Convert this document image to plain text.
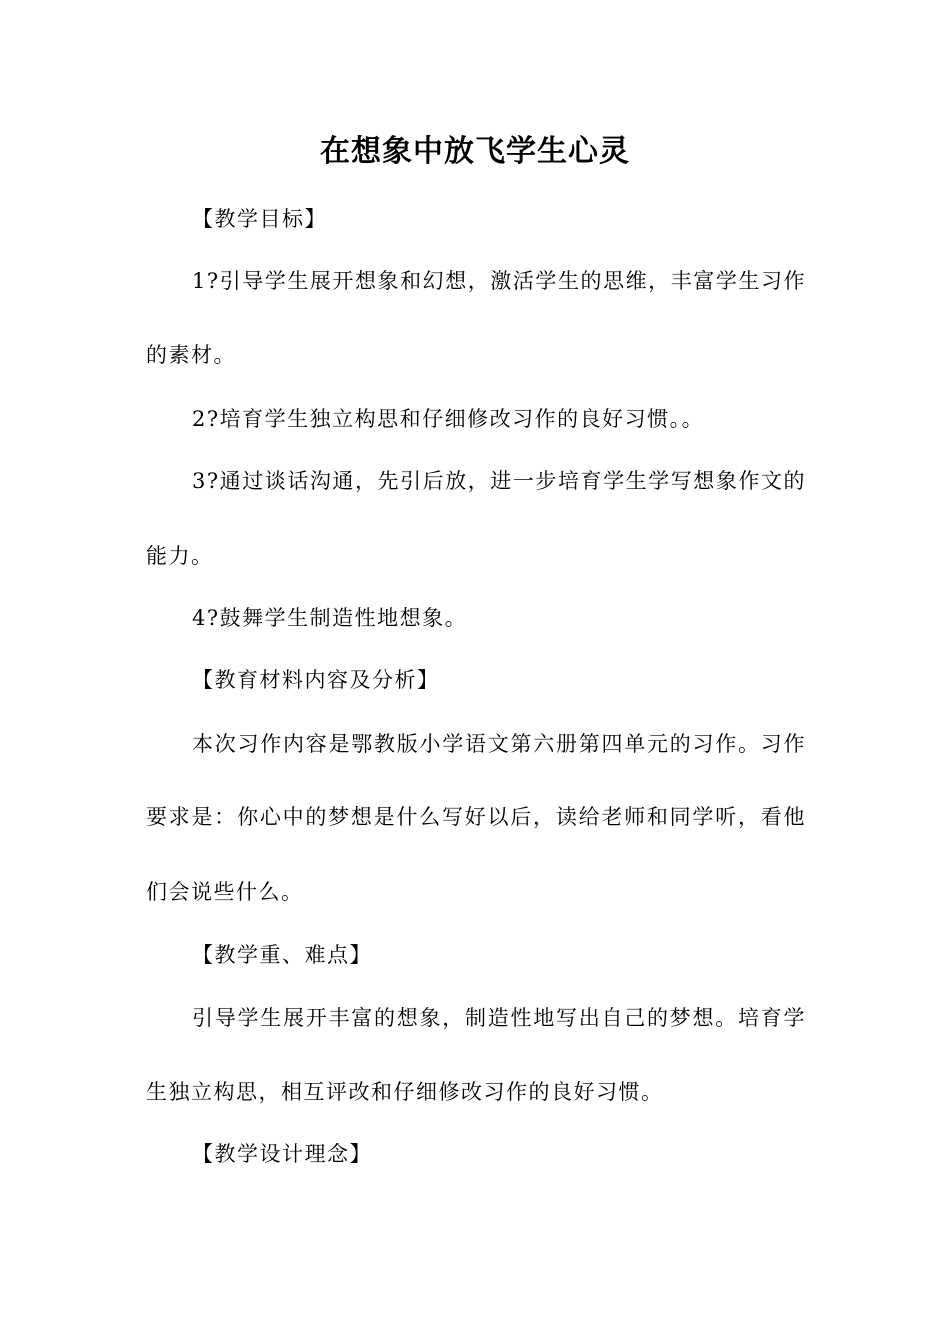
在想象中放飞学生心灵

【教学目标】

1?引导学生展开想象和幻想，激活学生的思维，丰富学生习作

的素材。

2?培育学生独立构思和仔细修改习作的良好习惯。。

3?通过谈话沟通，先引后放，进一步培育学生学写想象作文的

能力。

4?鼓舞学生制造性地想象。

【教育材料内容及分析】

本次习作内容是鄂教版小学语文第六册第四单元的习作。习作

要求是：你心中的梦想是什么写好以后，读给老师和同学听，看他

们会说些什么。

【教学重、难点】

引导学生展开丰富的想象，制造性地写出自己的梦想。培育学

生独立构思，相互评改和仔细修改习作的良好习惯。

【教学设计理念】
